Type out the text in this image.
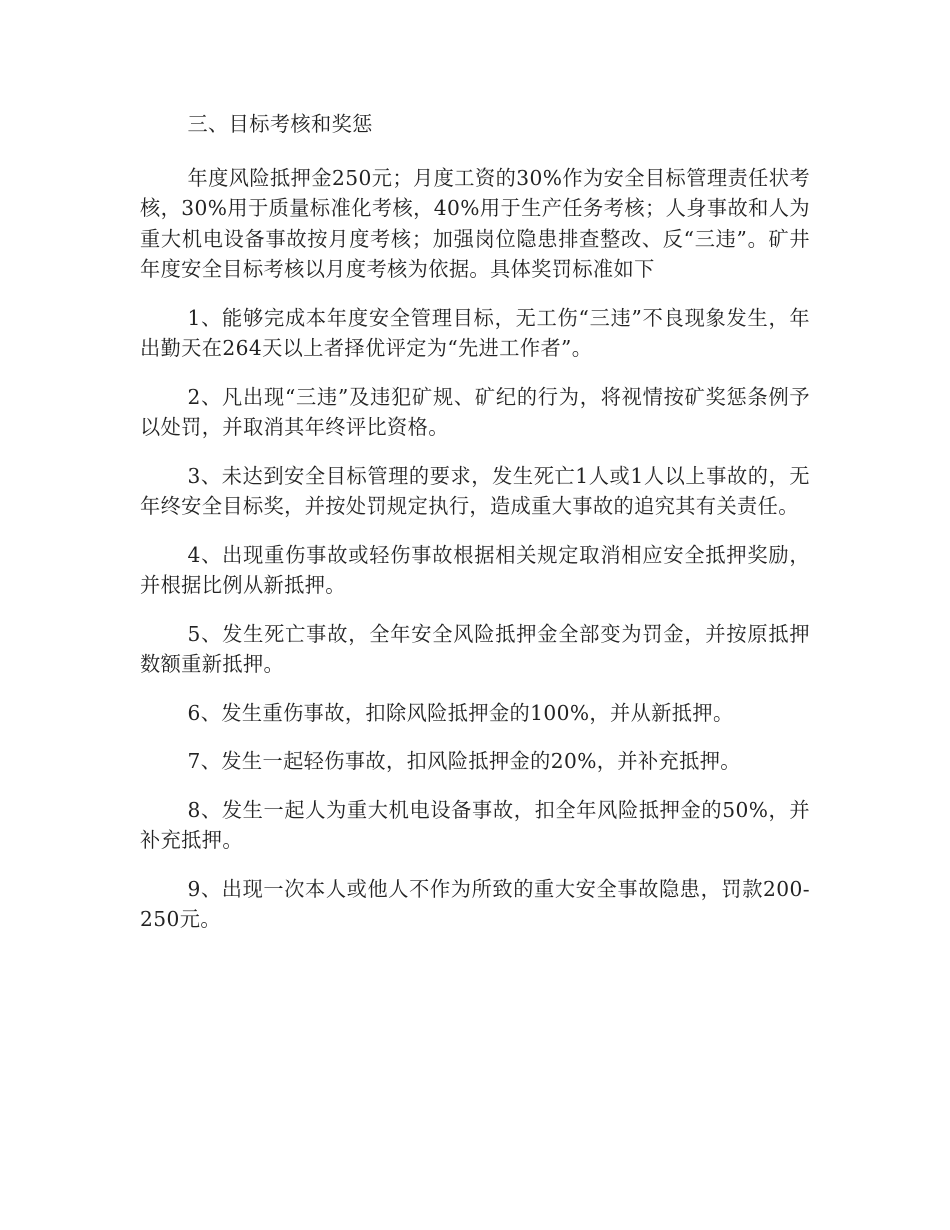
三、目标考核和奖惩

年度风险抵押金250元；月度工资的30%作为安全目标管理责任状考核，30%用于质量标准化考核，40%用于生产任务考核；人身事故和人为重大机电设备事故按月度考核；加强岗位隐患排查整改、反“三违”。矿井年度安全目标考核以月度考核为依据。具体奖罚标准如下

1、能够完成本年度安全管理目标，无工伤“三违”不良现象发生，年出勤天在264天以上者择优评定为“先进工作者”。

2、凡出现“三违”及违犯矿规、矿纪的行为，将视情按矿奖惩条例予以处罚，并取消其年终评比资格。

3、未达到安全目标管理的要求，发生死亡1人或1人以上事故的，无年终安全目标奖，并按处罚规定执行，造成重大事故的追究其有关责任。

4、出现重伤事故或轻伤事故根据相关规定取消相应安全抵押奖励，并根据比例从新抵押。

5、发生死亡事故，全年安全风险抵押金全部变为罚金，并按原抵押数额重新抵押。

6、发生重伤事故，扣除风险抵押金的100%，并从新抵押。

7、发生一起轻伤事故，扣风险抵押金的20%，并补充抵押。

8、发生一起人为重大机电设备事故，扣全年风险抵押金的50%，并补充抵押。

9、出现一次本人或他人不作为所致的重大安全事故隐患，罚款200-250元。
